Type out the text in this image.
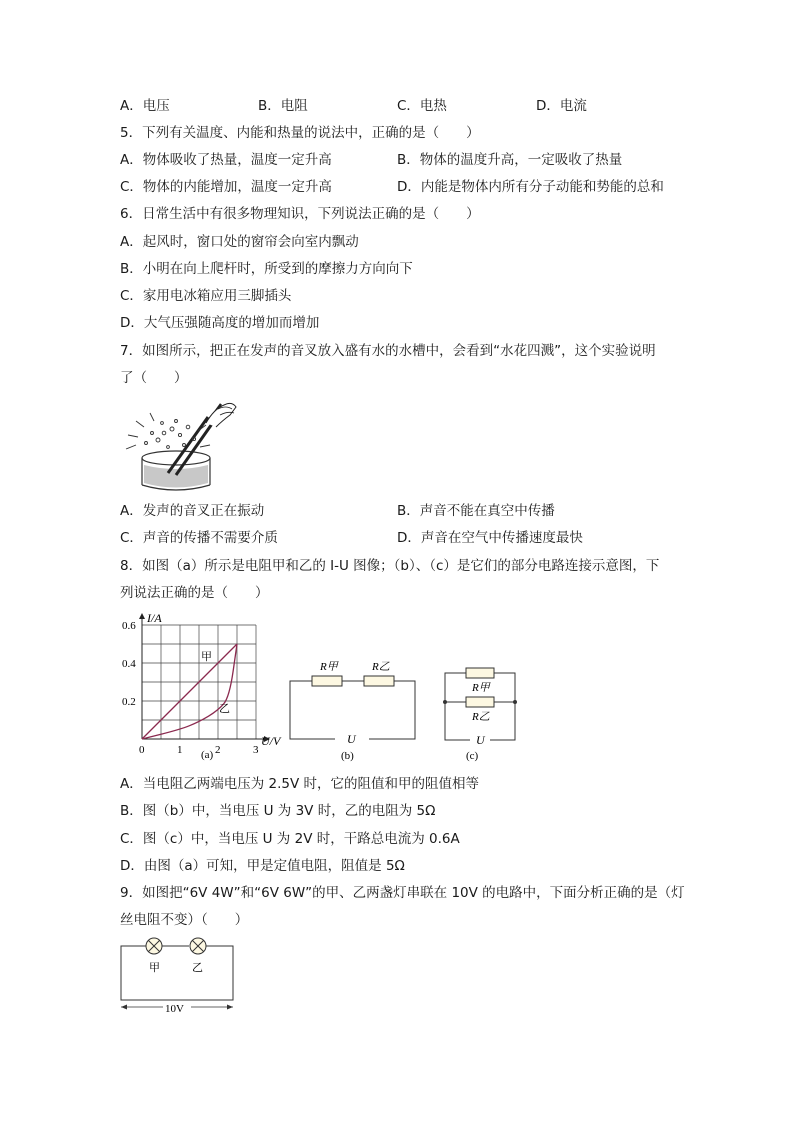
A．电压	B．电阻	C．电热	D．电流
5．下列有关温度、内能和热量的说法中，正确的是（　　）
A．物体吸收了热量，温度一定升高	B．物体的温度升高，一定吸收了热量
C．物体的内能增加，温度一定升高	D．内能是物体内所有分子动能和势能的总和
6．日常生活中有很多物理知识，下列说法正确的是（　　）
A．起风时，窗口处的窗帘会向室内飘动
B．小明在向上爬杆时，所受到的摩擦力方向向下
C．家用电冰箱应用三脚插头
D．大气压强随高度的增加而增加
7．如图所示，把正在发声的音叉放入盛有水的水槽中，会看到“水花四溅”，这个实验说明
了（　　）
A．发声的音叉正在振动	B．声音不能在真空中传播
C．声音的传播不需要介质	D．声音在空气中传播速度最快
8．如图（a）所示是电阻甲和乙的 I-U 图像；（b）、（c）是它们的部分电路连接示意图，下
列说法正确的是（　　）
0	1	2	3
0.6
0.4
0.2
I/A
U/V
甲
乙
(a)
R甲	R乙
U
(b)
R甲
R乙
U
(c)
A．当电阻乙两端电压为 2.5V 时，它的阻值和甲的阻值相等
B．图（b）中，当电压 U 为 3V 时，乙的电阻为 5Ω
C．图（c）中，当电压 U 为 2V 时，干路总电流为 0.6A
D．由图（a）可知，甲是定值电阻，阻值是 5Ω
9．如图把“6V 4W”和“6V 6W”的甲、乙两盏灯串联在 10V 的电路中，下面分析正确的是（灯
丝电阻不变）（　　）
甲	乙
10V
